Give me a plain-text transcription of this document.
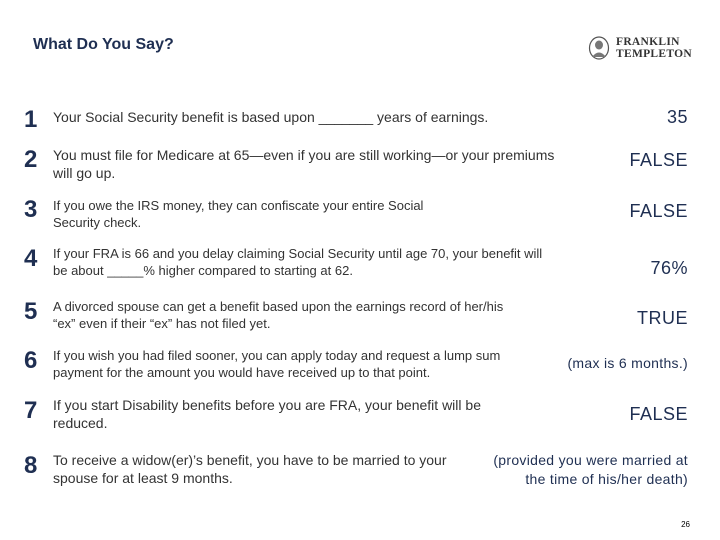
What Do You Say?	FRANKLIN
TEMPLETON
1 Your Social Security benefit is based upon _______ years of earnings.	35
2 You must file for Medicare at 65—even if you are still working—or your premiums will go up.
FALSE
3 If you owe the IRS money, they can confiscate your entire Social Security check.
FALSE
4 If your FRA is 66 and you delay claiming Social Security until age 70, your benefit will be about _____% higher compared to starting at 62.	76%
5 A divorced spouse can get a benefit based upon the earnings record of her/his “ex” even if their “ex” has not filed yet.	TRUE
6 If you wish you had filed sooner, you can apply today and request a lump sum payment for the amount you would have received up to that point.
(max is 6 months.)
7 If you start Disability benefits before you are FRA, your benefit will be reduced.	FALSE
8 To receive a widow(er)’s benefit, you have to be married to your spouse for at least 9 months.
(provided you were married at the time of his/her death)
26
